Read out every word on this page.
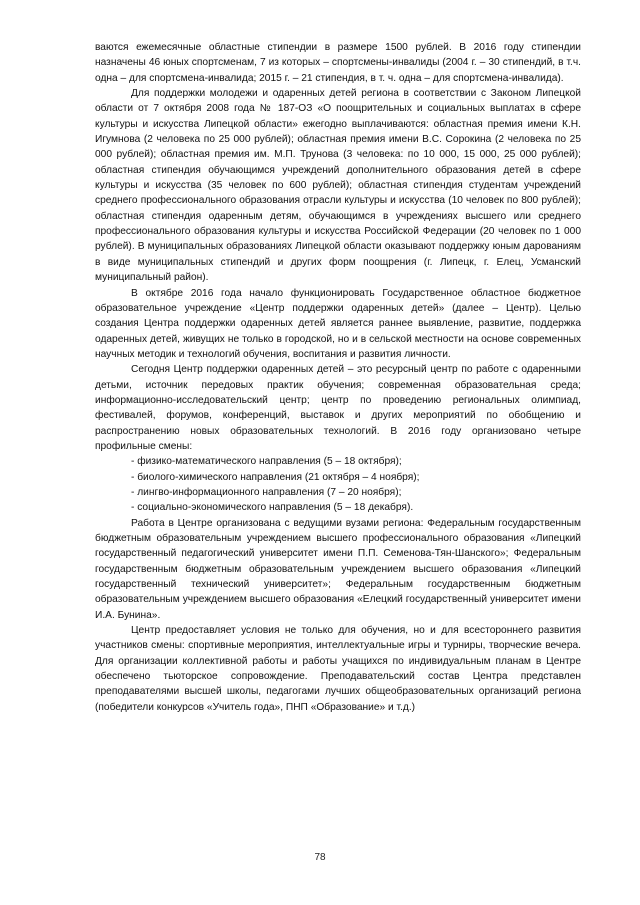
ваются ежемесячные областные стипендии в размере 1500 рублей. В 2016 году стипендии назначены 46 юных спортсменам, 7 из которых – спортсмены-инвалиды (2004 г. – 30 стипендий, в т.ч. одна – для спортсмена-инвалида; 2015 г. – 21 стипендия, в т. ч. одна – для спортсмена-инвалида).

Для поддержки молодежи и одаренных детей региона в соответствии с Законом Липецкой области от 7 октября 2008 года № 187-ОЗ «О поощрительных и социальных выплатах в сфере культуры и искусства Липецкой области» ежегодно выплачиваются: областная премия имени К.Н. Игумнова (2 человека по 25 000 рублей); областная премия имени В.С. Сорокина (2 человека по 25 000 рублей); областная премия им. М.П. Трунова (3 человека: по 10 000, 15 000, 25 000 рублей); областная стипендия обучающимся учреждений дополнительного образования детей в сфере культуры и искусства (35 человек по 600 рублей); областная стипендия студентам учреждений среднего профессионального образования отрасли культуры и искусства (10 человек по 800 рублей); областная стипендия одаренным детям, обучающимся в учреждениях высшего или среднего профессионального образования культуры и искусства Российской Федерации (20 человек по 1 000 рублей). В муниципальных образованиях Липецкой области оказывают поддержку юным дарованиям в виде муниципальных стипендий и других форм поощрения (г. Липецк, г. Елец, Усманский муниципальный район).

В октябре 2016 года начало функционировать Государственное областное бюджетное образовательное учреждение «Центр поддержки одаренных детей» (далее – Центр). Целью создания Центра поддержки одаренных детей является раннее выявление, развитие, поддержка одаренных детей, живущих не только в городской, но и в сельской местности на основе современных научных методик и технологий обучения, воспитания и развития личности.

Сегодня Центр поддержки одаренных детей – это ресурсный центр по работе с одаренными детьми, источник передовых практик обучения; современная образовательная среда; информационно-исследовательский центр; центр по проведению региональных олимпиад, фестивалей, форумов, конференций, выставок и других мероприятий по обобщению и распространению новых образовательных технологий. В 2016 году организовано четыре профильные смены:

- физико-математического направления (5 – 18 октября);
- биолого-химического направления (21 октября – 4 ноября);
- лингво-информационного направления (7 – 20 ноября);
- социально-экономического направления (5 – 18 декабря).

Работа в Центре организована с ведущими вузами региона: Федеральным государственным бюджетным образовательным учреждением высшего профессионального образования «Липецкий государственный педагогический университет имени П.П. Семенова-Тян-Шанского»; Федеральным государственным бюджетным образовательным учреждением высшего образования «Липецкий государственный технический университет»; Федеральным государственным бюджетным образовательным учреждением высшего образования «Елецкий государственный университет имени И.А. Бунина».

Центр предоставляет условия не только для обучения, но и для всестороннего развития участников смены: спортивные мероприятия, интеллектуальные игры и турниры, творческие вечера. Для организации коллективной работы и работы учащихся по индивидуальным планам в Центре обеспечено тьюторское сопровождение. Преподавательский состав Центра представлен преподавателями высшей школы, педагогами лучших общеобразовательных организаций региона (победители конкурсов «Учитель года», ПНП «Образование» и т.д.)

78
